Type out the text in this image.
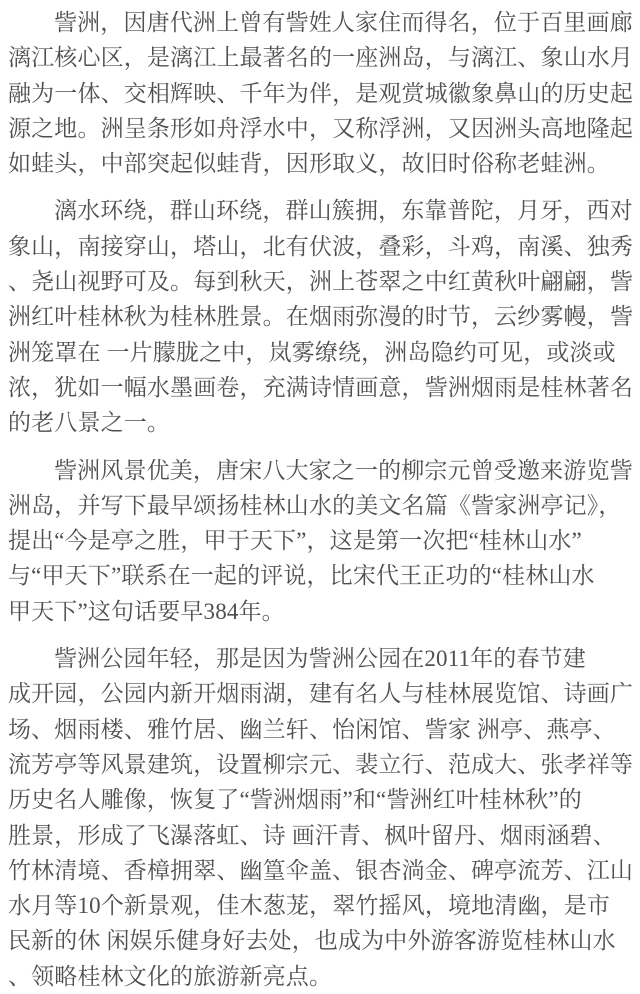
訾洲，因唐代洲上曾有訾姓人家住而得名，位于百里画廊
漓江核心区，是漓江上最著名的一座洲岛，与漓江、象山水月
融为一体、交相辉映、千年为伴，是观赏城徽象鼻山的历史起
源之地。洲呈条形如舟浮水中，又称浮洲，又因洲头高地隆起
如蛙头，中部突起似蛙背，因形取义，故旧时俗称老蛙洲。
漓水环绕，群山环绕，群山簇拥，东靠普陀，月牙，西对
象山，南接穿山，塔山，北有伏波，叠彩，斗鸡，南溪、独秀
、尧山视野可及。每到秋天，洲上苍翠之中红黄秋叶翩翩，訾
洲红叶桂林秋为桂林胜景。在烟雨弥漫的时节，云纱雾幔，訾
洲笼罩在 一片朦胧之中，岚雾缭绕，洲岛隐约可见，或淡或
浓，犹如一幅水墨画卷，充满诗情画意，訾洲烟雨是桂林著名
的老八景之一。
訾洲风景优美，唐宋八大家之一的柳宗元曾受邀来游览訾
洲岛，并写下最早颂扬桂林山水的美文名篇《訾家洲亭记》，
提出“今是亭之胜，甲于天下”，这是第一次把“桂林山水”
与“甲天下”联系在一起的评说，比宋代王正功的“桂林山水
甲天下”这句话要早384年。
訾洲公园年轻，那是因为訾洲公园在2011年的春节建
成开园，公园内新开烟雨湖，建有名人与桂林展览馆、诗画广
场、烟雨楼、雅竹居、幽兰轩、怡闲馆、訾家 洲亭、燕亭、
流芳亭等风景建筑，设置柳宗元、裴立行、范成大、张孝祥等
历史名人雕像，恢复了“訾洲烟雨”和“訾洲红叶桂林秋”的
胜景，形成了飞瀑落虹、诗 画汗青、枫叶留丹、烟雨涵碧、
竹林清境、香樟拥翠、幽篁伞盖、银杏淌金、碑亭流芳、江山
水月等10个新景观，佳木葱茏，翠竹摇风，境地清幽，是市
民新的休 闲娱乐健身好去处，也成为中外游客游览桂林山水
、领略桂林文化的旅游新亮点。
